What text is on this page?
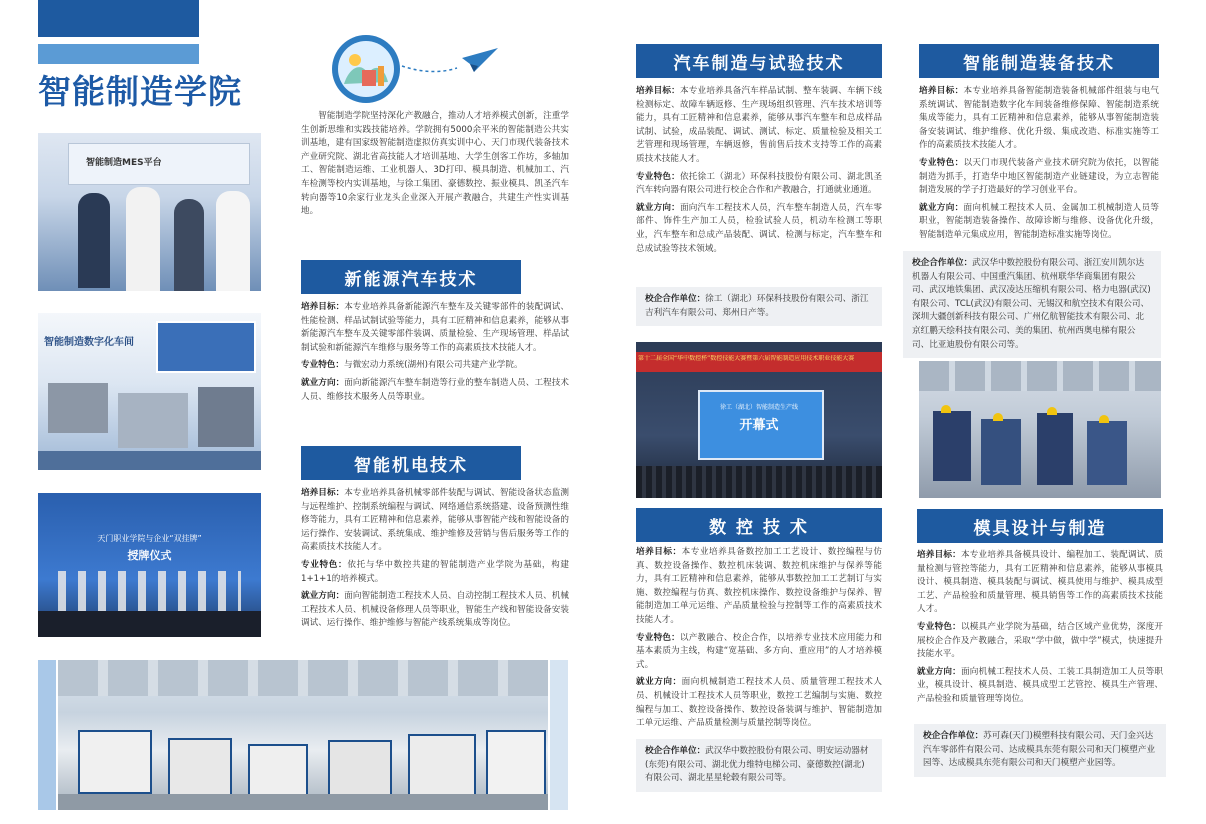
智能制造学院
智能制造学院坚持深化产教融合，推动人才培养模式创新，注重学生创新思维和实践技能培养。学院拥有5000余平米的智能制造公共实训基地，建有国家级智能制造虚拟仿真实训中心、天门市现代装备技术产业研究院、湖北省高技能人才培训基地、大学生创客工作坊，多轴加工、智能制造运维、工业机器人、3D打印、模具制造、机械加工、汽车检测等校内实训基地，与徐工集团、豪德数控、振业模具、凯圣汽车转向器等10余家行业龙头企业深入开展产教融合，共建生产性实训基地。
智能制造MES平台
智能制造数字化车间
天门职业学院与企业“双挂牌”
授牌仪式
新能源汽车技术

培养目标：本专业培养具备新能源汽车整车及关键零部件的装配调试、性能检测、样品试制试验等能力，具有工匠精神和信息素养，能够从事新能源汽车整车及关键零部件装调、质量检验、生产现场管理、样品试制试验和新能源汽车维修与服务等工作的高素质技术技能人才。

专业特色：与微宏动力系统(湖州)有限公司共建产业学院。

就业方向：面向新能源汽车整车制造等行业的整车制造人员、工程技术人员、维修技术服务人员等职业。

智能机电技术

培养目标：本专业培养具备机械零部件装配与调试、智能设备状态监测与远程维护、控制系统编程与调试、网络通信系统搭建、设备预测性维修等能力，具有工匠精神和信息素养，能够从事智能产线和智能设备的运行操作、安装调试、系统集成、维护维修及营销与售后服务等工作的高素质技术技能人才。

专业特色：依托与华中数控共建的智能制造产业学院为基础，构建1+1+1的培养模式。

就业方向：面向智能制造工程技术人员、自动控制工程技术人员、机械工程技术人员、机械设备修理人员等职业，智能生产线和智能设备安装调试、运行操作、维护维修与智能产线系统集成等岗位。

汽车制造与试验技术

培养目标：本专业培养具备汽车样品试制、整车装调、车辆下线检测标定、故障车辆返修、生产现场组织管理、汽车技术培训等能力，具有工匠精神和信息素养，能够从事汽车整车和总成样品试制、试验，成品装配、调试、测试、标定、质量检验及相关工艺管理和现场管理，车辆返修，售前售后技术支持等工作的高素质技术技能人才。

专业特色：依托徐工（湖北）环保科技股份有限公司、湖北凯圣汽车转向器有限公司进行校企合作和产教融合，打通就业通道。

就业方向：面向汽车工程技术人员，汽车整车制造人员，汽车零部件、饰件生产加工人员，检验试验人员，机动车检测工等职业，汽车整车和总成产品装配、调试、检测与标定，汽车整车和总成试验等技术领域。

校企合作单位：徐工（湖北）环保科技股份有限公司、浙江吉利汽车有限公司、郑州日产等。
第十二届全国“华中数控杯”数控技能大赛暨第六届智能制造应用技术职业技能大赛
徐工（湖北）智能制造生产线
开幕式
数 控 技 术

培养目标：本专业培养具备数控加工工艺设计、数控编程与仿真、数控设备操作、数控机床装调、数控机床维护与保养等能力，具有工匠精神和信息素养，能够从事数控加工工艺制订与实施、数控编程与仿真、数控机床操作、数控设备维护与保养、智能制造加工单元运维、产品质量检验与控制等工作的高素质技术技能人才。

专业特色：以产教融合、校企合作，以培养专业技术应用能力和基本素质为主线，构建“宽基础、多方向、重应用”的人才培养模式。

就业方向：面向机械制造工程技术人员、质量管理工程技术人员、机械设计工程技术人员等职业，数控工艺编制与实施、数控编程与加工、数控设备操作、数控设备装调与维护、智能制造加工单元运维、产品质量检测与质量控制等岗位。

校企合作单位：武汉华中数控股份有限公司、明安运动器材(东莞)有限公司、湖北优力维特电梯公司、豪德数控(湖北)有限公司、湖北星星轮毂有限公司等。
智能制造装备技术

培养目标：本专业培养具备智能制造装备机械部件组装与电气系统调试、智能制造数字化车间装备维修保障、智能制造系统集成等能力，具有工匠精神和信息素养，能够从事智能制造装备安装调试、维护维修、优化升级、集成改造、标准实施等工作的高素质技术技能人才。

专业特色：以天门市现代装备产业技术研究院为依托，以智能制造为抓手，打造华中地区智能制造产业链建设，为立志智能制造发展的学子打造最好的学习创业平台。

就业方向：面向机械工程技术人员、金属加工机械制造人员等职业，智能制造装备操作、故障诊断与维修、设备优化升级，智能制造单元集成应用，智能制造标准实施等岗位。

校企合作单位：武汉华中数控股份有限公司、浙江安川凯尔达机器人有限公司、中国重汽集团、杭州联华华商集团有限公司、武汉地铁集团、武汉凌达压缩机有限公司、格力电器(武汉)有限公司、TCL(武汉)有限公司、无锡汉和航空技术有限公司、深圳大疆创新科技有限公司、广州亿航智能技术有限公司、北京红鹏天绘科技有限公司、美的集团、杭州西奥电梯有限公司、比亚迪股份有限公司等。
模具设计与制造

培养目标：本专业培养具备模具设计、编程加工、装配调试、质量检测与管控等能力，具有工匠精神和信息素养，能够从事模具设计、模具制造、模具装配与调试、模具使用与维护、模具成型工艺、产品检验和质量管理、模具销售等工作的高素质技术技能人才。

专业特色：以模具产业学院为基础，结合区域产业优势，深度开展校企合作及产教融合，采取“学中做，做中学”模式，快速提升技能水平。

就业方向：面向机械工程技术人员、工装工具制造加工人员等职业，模具设计、模具制造、模具成型工艺管控、模具生产管理、产品检验和质量管理等岗位。

校企合作单位：苏可森(天门)模塑科技有限公司、天门金兴达汽车零部件有限公司、达成模具东莞有限公司和天门模塑产业园等、达成模具东莞有限公司和天门模塑产业园等。
